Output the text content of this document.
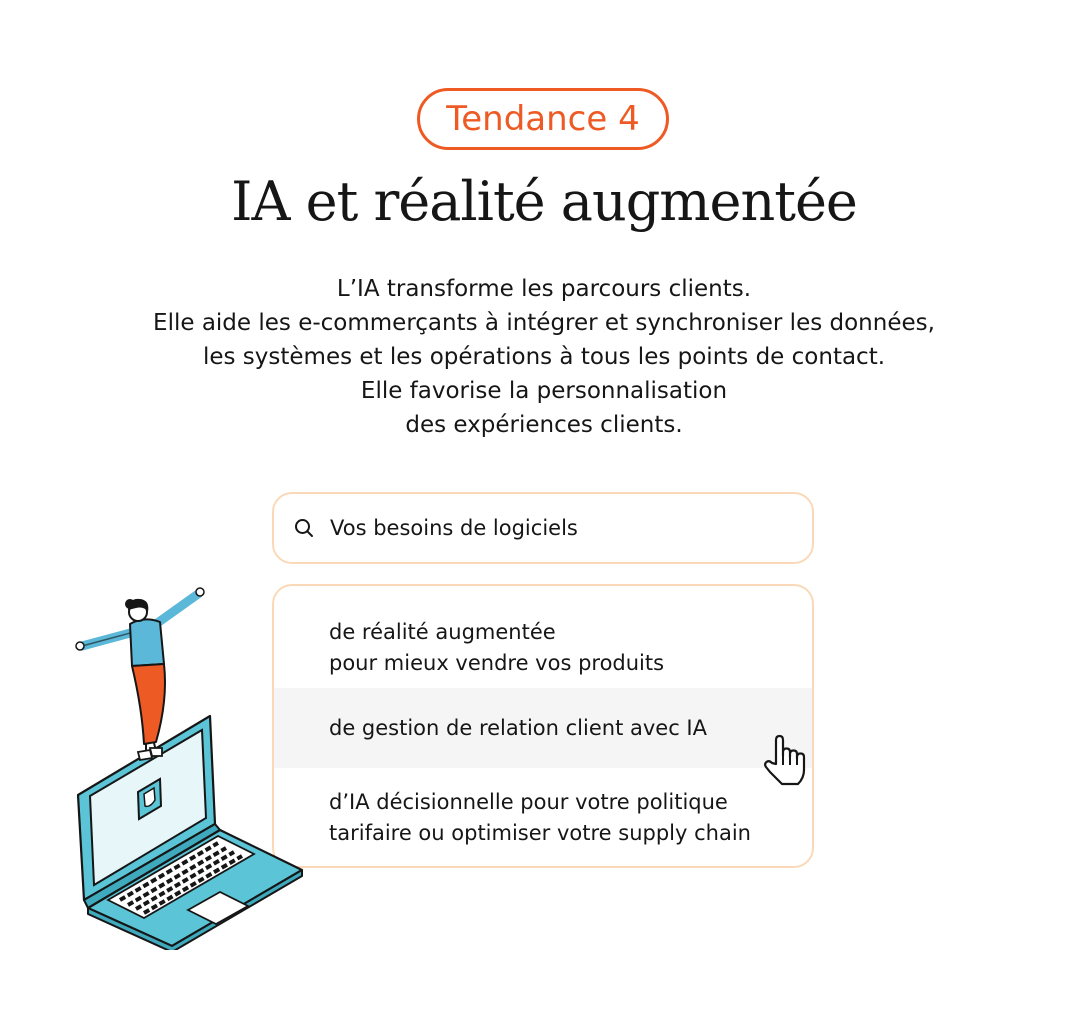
Tendance 4
IA et réalité augmentée
L’IA transforme les parcours clients.
Elle aide les e-commerçants à intégrer et synchroniser les données,
les systèmes et les opérations à tous les points de contact.
Elle favorise la personnalisation
des expériences clients.
Vos besoins de logiciels
de réalité augmentée
pour mieux vendre vos produits
de gestion de relation client avec IA
d’IA décisionnelle pour votre politique
tarifaire ou optimiser votre supply chain
